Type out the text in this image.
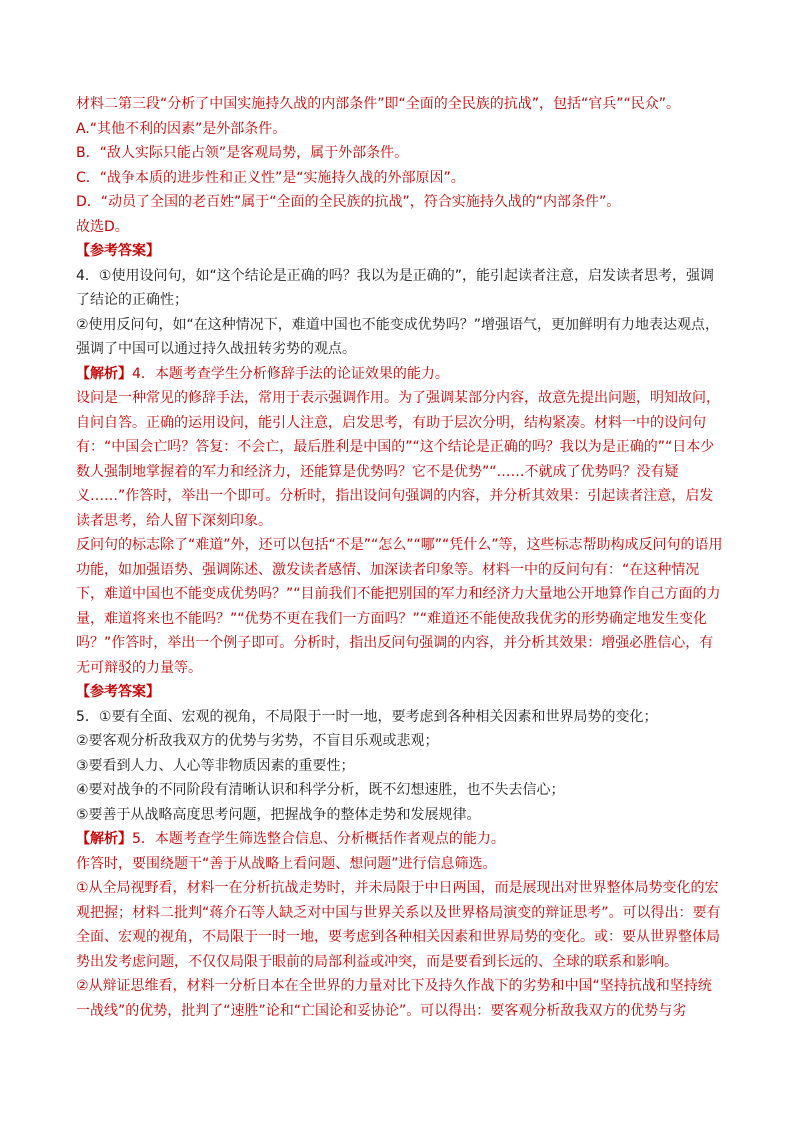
材料二第三段“分析了中国实施持久战的内部条件”即“全面的全民族的抗战”，包括“官兵”“民众”。

A.“其他不利的因素”是外部条件。

B．“敌人实际只能占领”是客观局势，属于外部条件。

C．“战争本质的进步性和正义性”是“实施持久战的外部原因”。

D．“动员了全国的老百姓”属于“全面的全民族的抗战”，符合实施持久战的“内部条件”。

故选D。

【参考答案】

4．①使用设问句，如“这个结论是正确的吗？我以为是正确的”，能引起读者注意，启发读者思考，强调了结论的正确性；

②使用反问句，如“在这种情况下，难道中国也不能变成优势吗？”增强语气，更加鲜明有力地表达观点，强调了中国可以通过持久战扭转劣势的观点。

【解析】4．本题考查学生分析修辞手法的论证效果的能力。

设问是一种常见的修辞手法，常用于表示强调作用。为了强调某部分内容，故意先提出问题，明知故问，自问自答。正确的运用设问，能引人注意，启发思考，有助于层次分明，结构紧凑。材料一中的设问句有：“中国会亡吗？答复：不会亡，最后胜利是中国的”“这个结论是正确的吗？我以为是正确的”“日本少数人强制地掌握着的军力和经济力，还能算是优势吗？它不是优势”“……不就成了优势吗？没有疑义……”作答时，举出一个即可。分析时，指出设问句强调的内容，并分析其效果：引起读者注意，启发读者思考，给人留下深刻印象。

反问句的标志除了“难道”外，还可以包括“不是”“怎么”“哪”“凭什么”等，这些标志帮助构成反问句的语用功能，如加强语势、强调陈述、激发读者感情、加深读者印象等。材料一中的反问句有：“在这种情况下，难道中国也不能变成优势吗？”“目前我们不能把别国的军力和经济力大量地公开地算作自己方面的力量，难道将来也不能吗？”“优势不更在我们一方面吗？”“难道还不能使敌我优劣的形势确定地发生变化吗？”作答时，举出一个例子即可。分析时，指出反问句强调的内容，并分析其效果：增强必胜信心，有无可辩驳的力量等。

【参考答案】

5．①要有全面、宏观的视角，不局限于一时一地，要考虑到各种相关因素和世界局势的变化；

②要客观分析敌我双方的优势与劣势，不盲目乐观或悲观；

③要看到人力、人心等非物质因素的重要性；

④要对战争的不同阶段有清晰认识和科学分析，既不幻想速胜，也不失去信心；

⑤要善于从战略高度思考问题，把握战争的整体走势和发展规律。

【解析】5．本题考查学生筛选整合信息、分析概括作者观点的能力。

作答时，要围绕题干“善于从战略上看问题、想问题”进行信息筛选。

①从全局视野看，材料一在分析抗战走势时，并未局限于中日两国，而是展现出对世界整体局势变化的宏观把握；材料二批判“蒋介石等人缺乏对中国与世界关系以及世界格局演变的辩证思考”。可以得出：要有全面、宏观的视角，不局限于一时一地，要考虑到各种相关因素和世界局势的变化。或：要从世界整体局势出发考虑问题，不仅仅局限于眼前的局部利益或冲突，而是要看到长远的、全球的联系和影响。

②从辩证思维看，材料一分析日本在全世界的力量对比下及持久作战下的劣势和中国“坚持抗战和坚持统一战线”的优势，批判了“速胜”论和“亡国论和妥协论”。可以得出：要客观分析敌我双方的优势与劣
